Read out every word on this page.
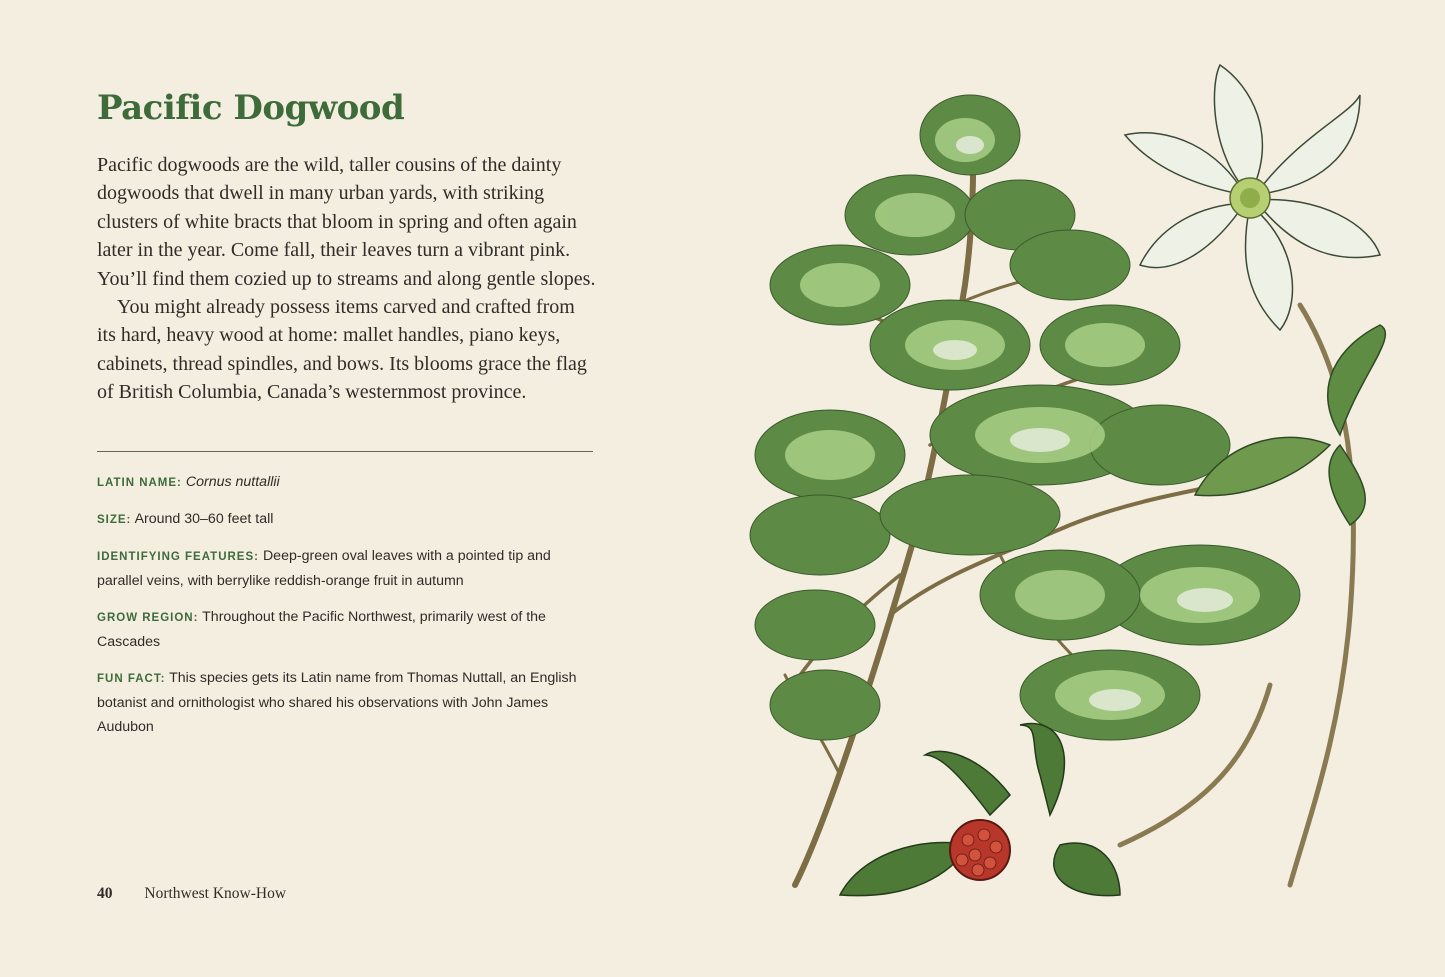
Pacific Dogwood

Pacific dogwoods are the wild, taller cousins of the dainty dogwoods that dwell in many urban yards, with striking clusters of white bracts that bloom in spring and often again later in the year. Come fall, their leaves turn a vibrant pink. You’ll find them cozied up to streams and along gentle slopes.

You might already possess items carved and crafted from its hard, heavy wood at home: mallet handles, piano keys, cabinets, thread spindles, and bows. Its blooms grace the flag of British Columbia, Canada’s westernmost province.

LATIN NAME: Cornus nuttallii

SIZE: Around 30–60 feet tall

IDENTIFYING FEATURES: Deep-green oval leaves with a pointed tip and parallel veins, with berrylike reddish-orange fruit in autumn

GROW REGION: Throughout the Pacific Northwest, primarily west of the Cascades

FUN FACT: This species gets its Latin name from Thomas Nuttall, an English botanist and ornithologist who shared his observations with John James Audubon

40 Northwest Know-How
